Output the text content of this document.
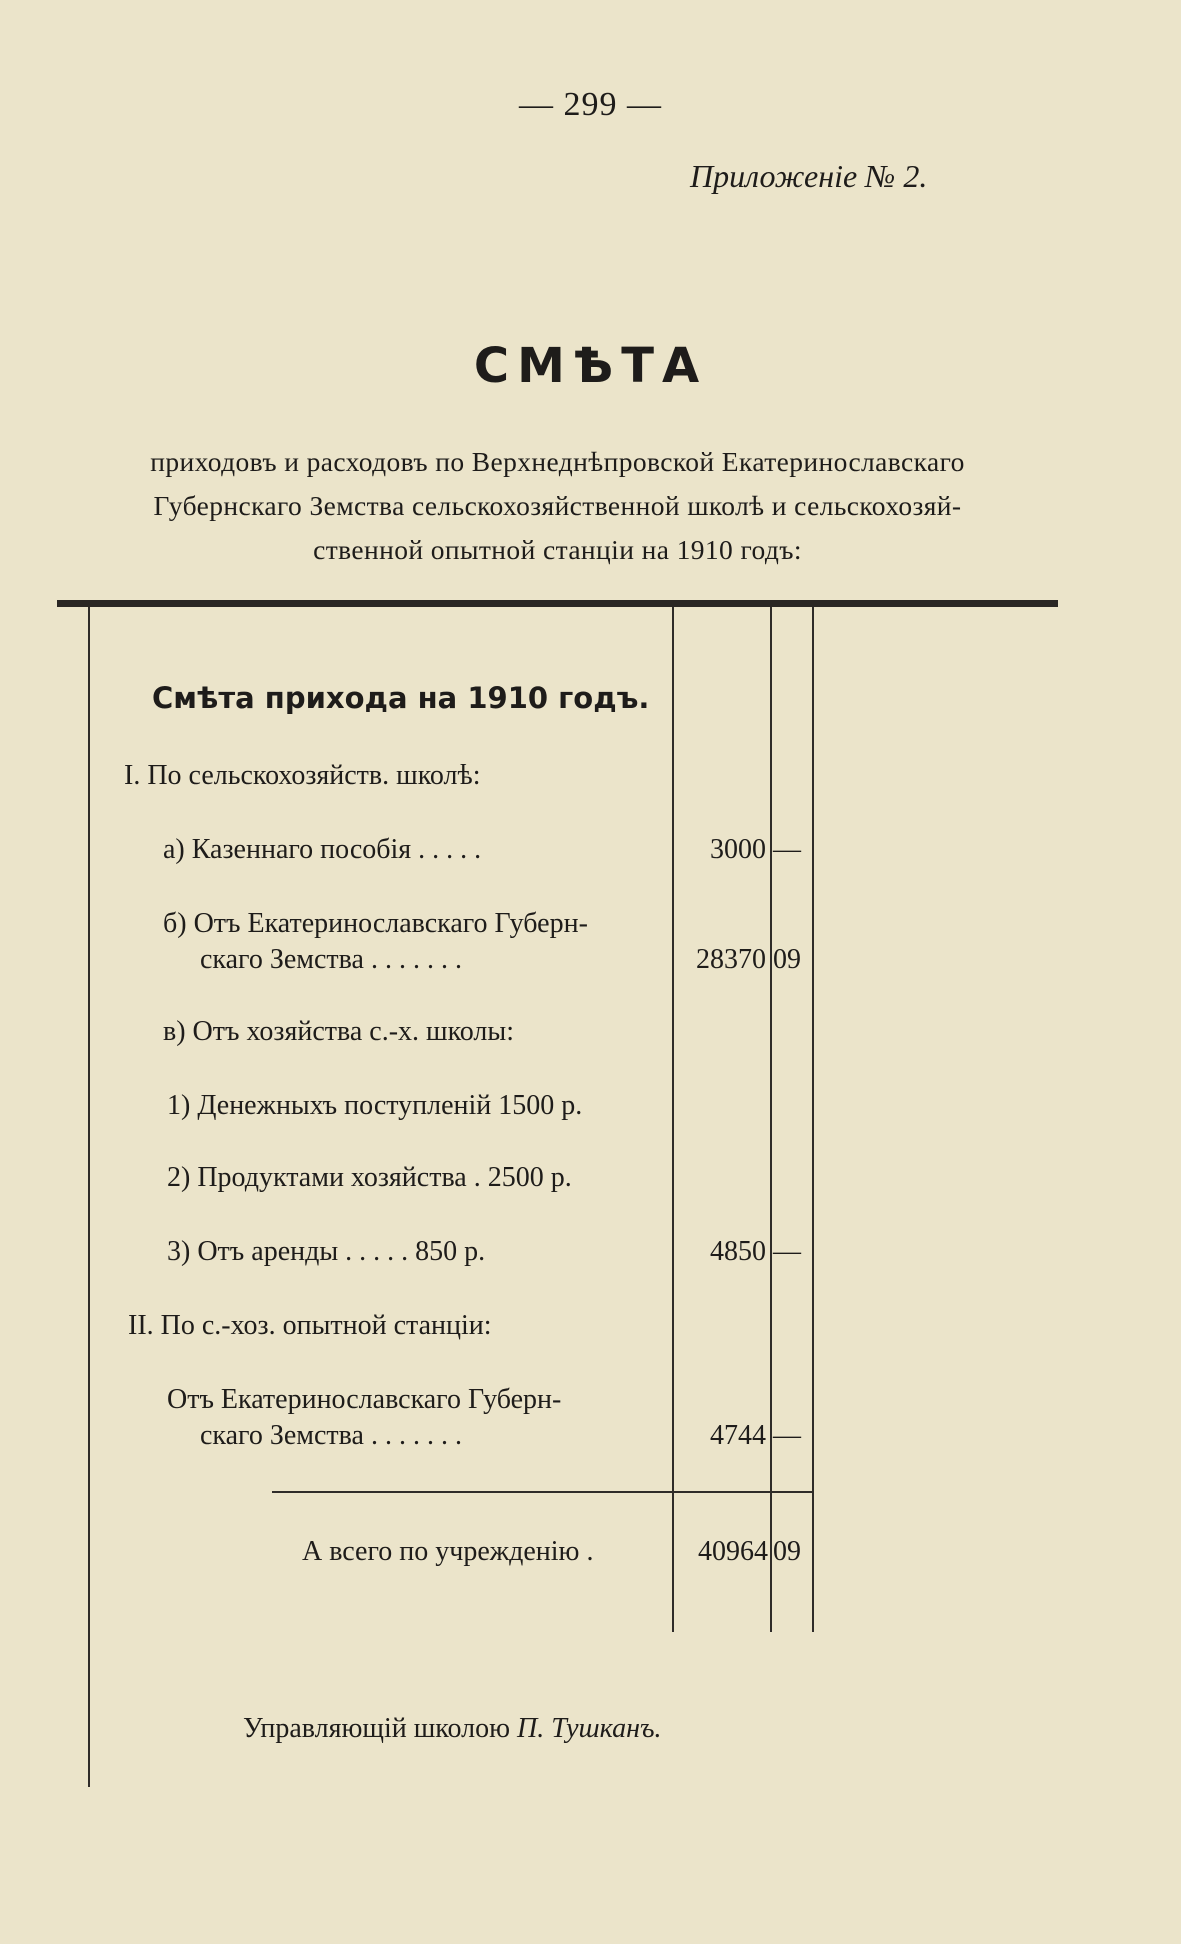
— 299 —
Приложенiе № 2.
СМѢТА
приходовъ и расходовъ по Верхнеднѣпровской Екатеринославскаго
Губернскаго Земства сельскохозяйственной школѣ и сельскохозяй-
ственной опытной станцiи на 1910 годъ:
Смѣта прихода на 1910 годъ.
I. По сельскохозяйств. школѣ:
а) Казеннаго пособiя . . . . .	3000 —
б) Отъ Екатеринославскаго Губерн-
скаго Земства . . . . . . .	28370 09
в) Отъ хозяйства с.-х. школы:
1) Денежныхъ поступленiй 1500 р.
2) Продуктами хозяйства . 2500 р.
3) Отъ аренды . . . . . 850 р.	4850 —
II. По с.-хоз. опытной станцiи:
Отъ Екатеринославскаго Губерн-
скаго Земства . . . . . . .	4744 —
А всего по учрежденiю .	40964 09
Управляющiй школою П. Тушканъ.
